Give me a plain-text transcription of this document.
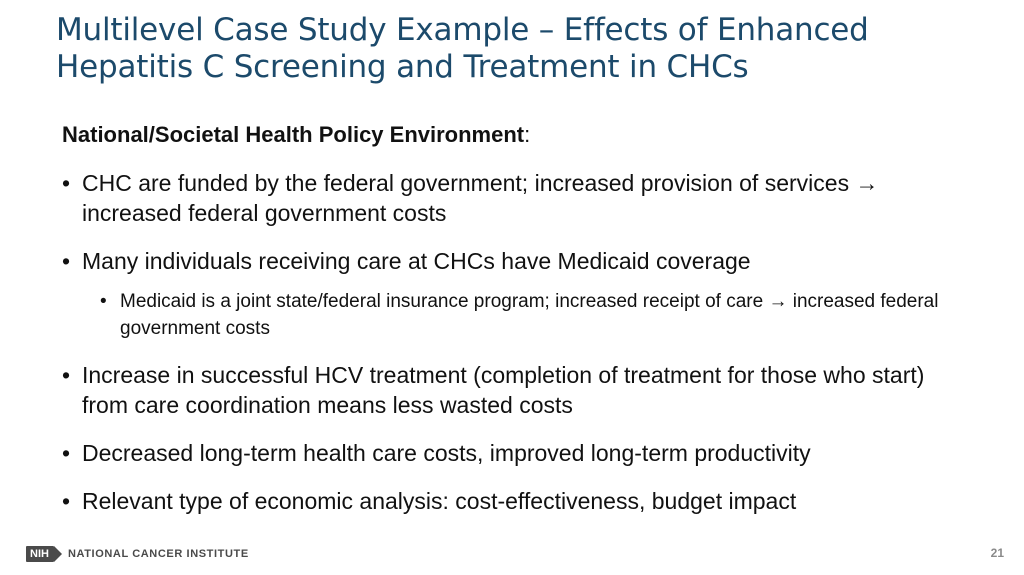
Multilevel Case Study Example – Effects of Enhanced Hepatitis C Screening and Treatment in CHCs
National/Societal Health Policy Environment:
• CHC are funded by the federal government; increased provision of services → increased federal government costs
• Many individuals receiving care at CHCs have Medicaid coverage
• Medicaid is a joint state/federal insurance program; increased receipt of care → increased federal government costs
• Increase in successful HCV treatment (completion of treatment for those who start) from care coordination means less wasted costs
• Decreased long-term health care costs, improved long-term productivity
• Relevant type of economic analysis: cost-effectiveness, budget impact
NIH	NATIONAL CANCER INSTITUTE	21
